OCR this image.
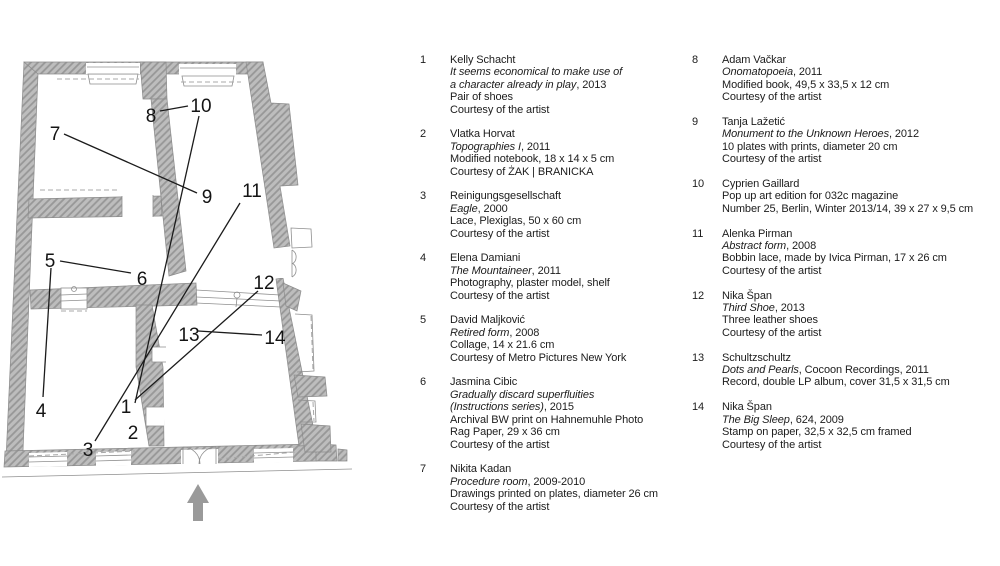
1
2
3
4
5
6
7
8
9
10
11
12
13	14
1	Kelly Schacht
It seems economical to make use of
a character already in play, 2013
Pair of shoes
Courtesy of the artist
2	Vlatka Horvat
Topographies I, 2011
Modified notebook, 18 x 14 x 5 cm
Courtesy of ŻAK | BRANICKA
3	Reinigungsgesellschaft
Eagle, 2000
Lace, Plexiglas, 50 x 60 cm
Courtesy of the artist
4	Elena Damiani
The Mountaineer, 2011
Photography, plaster model, shelf
Courtesy of the artist
5	David Maljković
Retired form, 2008
Collage, 14 x 21.6 cm
Courtesy of Metro Pictures New York
6	Jasmina Cibic
Gradually discard superfluities
(Instructions series), 2015
Archival BW print on Hahnemuhle Photo
Rag Paper, 29 x 36 cm
Courtesy of the artist
7	Nikita Kadan
Procedure room, 2009-2010
Drawings printed on plates, diameter 26 cm
Courtesy of the artist
8	Adam Vačkar
Onomatopoeia, 2011
Modified book, 49,5 x 33,5 x 12 cm
Courtesy of the artist
9	Tanja Lažetić
Monument to the Unknown Heroes, 2012
10 plates with prints, diameter 20 cm
Courtesy of the artist
10	Cyprien Gaillard
Pop up art edition for 032c magazine
Number 25, Berlin, Winter 2013/14, 39 x 27 x 9,5 cm
11	Alenka Pirman
Abstract form, 2008
Bobbin lace, made by Ivica Pirman, 17 x 26 cm
Courtesy of the artist
12	Nika Špan
Third Shoe, 2013
Three leather shoes
Courtesy of the artist
13	Schultzschultz
Dots and Pearls, Cocoon Recordings, 2011
Record, double LP album, cover 31,5 x 31,5 cm
14	Nika Špan
The Big Sleep, 624, 2009
Stamp on paper, 32,5 x 32,5 cm framed
Courtesy of the artist
